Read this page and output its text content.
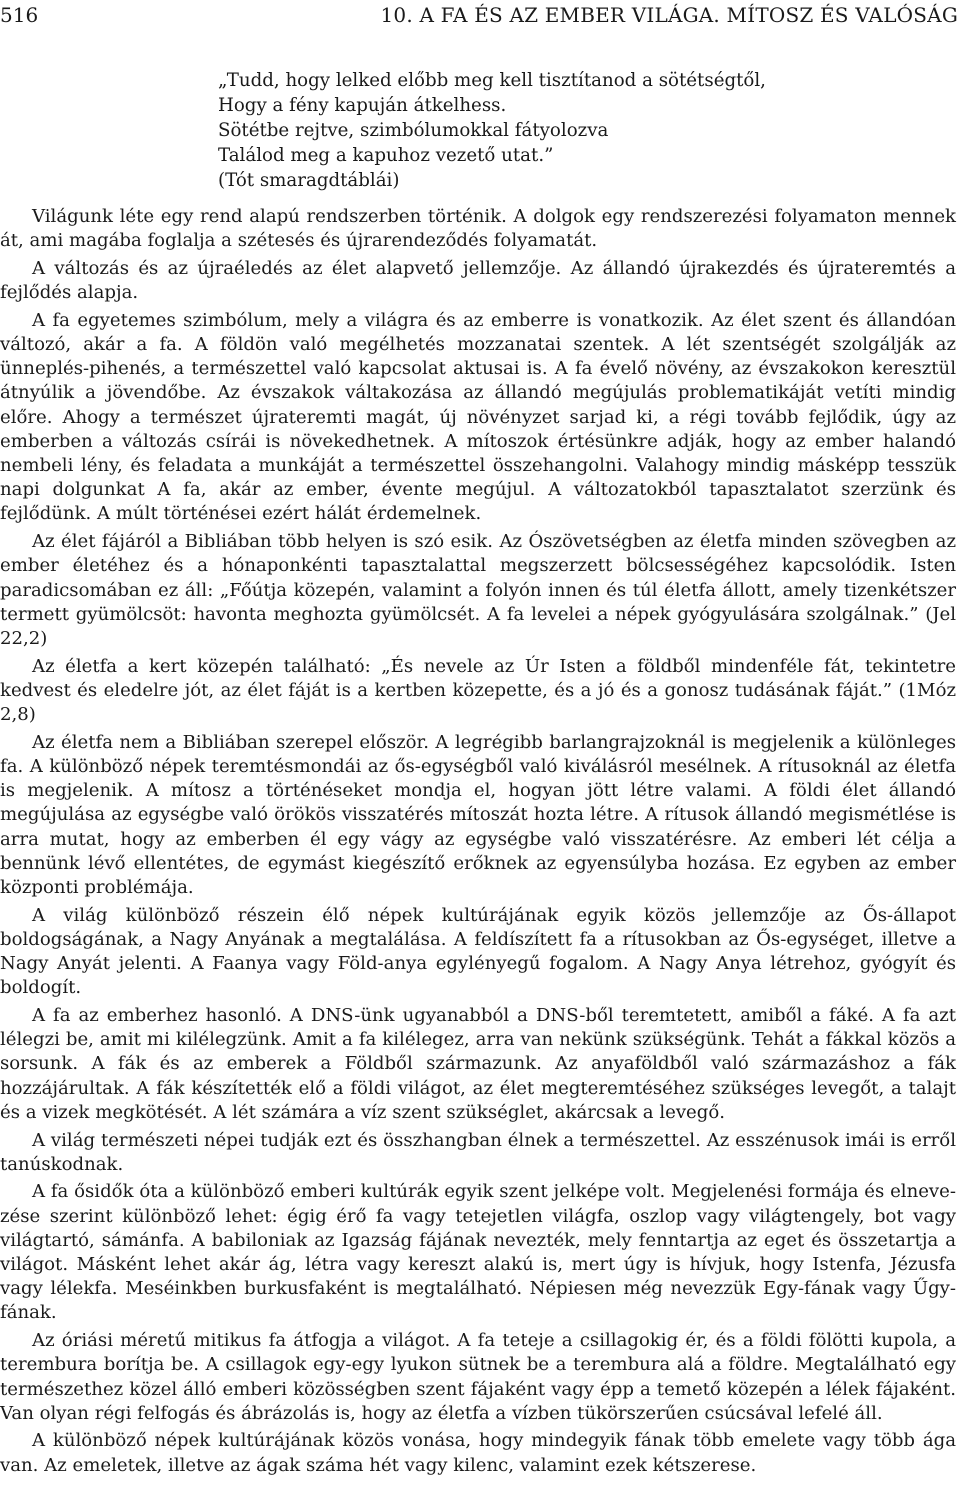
516	10. A FA ÉS AZ EMBER VILÁGA. MÍTOSZ ÉS VALÓSÁG
„Tudd, hogy lelked előbb meg kell tisztítanod a sötétségtől,
Hogy a fény kapuján átkelhess.
Sötétbe rejtve, szimbólumokkal fátyolozva
Találod meg a kapuhoz vezető utat.”
(Tót smaragdtáblái)

Világunk léte egy rend alapú rendszerben történik. A dolgok egy rendszerezési folyamaton mennek át, ami magába foglalja a szétesés és újrarendeződés folyamatát.

A változás és az újraéledés az élet alapvető jellemzője. Az állandó újrakezdés és újrateremtés a fejlődés alapja.

A fa egyetemes szimbólum, mely a világra és az emberre is vonatkozik. Az élet szent és állandóan változó, akár a fa. A földön való megélhetés mozzanatai szentek. A lét szentségét szolgálják az ünneplés-pihenés, a természettel való kapcsolat aktusai is. A fa évelő növény, az évszakokon keresztül átnyúlik a jövendőbe. Az évszakok váltakozása az állandó megújulás problematikáját vetíti mindig előre. Ahogy a természet újrateremti magát, új növényzet sarjad ki, a régi tovább fejlődik, úgy az emberben a változás csírái is növekedhetnek. A mítoszok értésünkre adják, hogy az ember halandó nembeli lény, és feladata a munkáját a természettel összehangolni. Valahogy mindig másképp tesszük napi dolgunkat A fa, akár az ember, évente megújul. A változatokból tapasztalatot szerzünk és fejlődünk. A múlt történései ezért hálát érdemelnek.

Az élet fájáról a Bibliában több helyen is szó esik. Az Ószövetségben az életfa minden szövegben az ember életéhez és a hónaponkénti tapasztalattal megszerzett bölcsességéhez kapcsolódik. Isten paradicsomában ez áll: „Főútja közepén, valamint a folyón innen és túl életfa állott, amely tizenkétszer termett gyümölcsöt: havonta meghozta gyümölcsét. A fa levelei a népek gyógyulására szolgálnak.” (Jel 22,2)

Az életfa a kert közepén található: „És nevele az Úr Isten a földből mindenféle fát, tekintetre kedvest és eledelre jót, az élet fáját is a kertben közepette, és a jó és a gonosz tudásának fáját.” (1Móz 2,8)

Az életfa nem a Bibliában szerepel először. A legrégibb barlangrajzoknál is megjelenik a különleges fa. A különböző népek teremtésmondái az ős-egységből való kiválásról mesélnek. A rítusoknál az életfa is megjelenik. A mítosz a történéseket mondja el, hogyan jött létre valami. A földi élet állandó megújulása az egységbe való örökös visszatérés mítoszát hozta létre. A rítusok állandó megismétlése is arra mutat, hogy az emberben él egy vágy az egységbe való visszatérésre. Az emberi lét célja a bennünk lévő ellentétes, de egymást kiegészítő erőknek az egyensúlyba hozása. Ez egyben az ember központi problémája.

A világ különböző részein élő népek kultúrájának egyik közös jellemzője az Ős-állapot boldogságának, a Nagy Anyának a megtalálása. A feldíszített fa a rítusokban az Ős-egységet, illetve a Nagy Anyát jelenti. A Faanya vagy Föld-anya egylényegű fogalom. A Nagy Anya létrehoz, gyógyít és boldogít.

A fa az emberhez hasonló. A DNS-ünk ugyanabból a DNS-ből teremtetett, amiből a fáké. A fa azt lélegzi be, amit mi kilélegzünk. Amit a fa kilélegez, arra van nekünk szükségünk. Tehát a fákkal közös a sorsunk. A fák és az emberek a Földből származunk. Az anyaföldből való származáshoz a fák hozzájárultak. A fák készítették elő a földi világot, az élet megteremtéséhez szükséges levegőt, a talajt és a vizek megkötését. A lét számára a víz szent szükséglet, akárcsak a levegő.

A világ természeti népei tudják ezt és összhangban élnek a természettel. Az esszénusok imái is erről tanúskodnak.

A fa ősidők óta a különböző emberi kultúrák egyik szent jelképe volt. Megjelenési formája és elnevezése szerint különböző lehet: égig érő fa vagy tetejetlen világfa, oszlop vagy világtengely, bot vagy világtartó, sámánfa. A babiloniak az Igazság fájának nevezték, mely fenntartja az eget és összetartja a világot. Másként lehet akár ág, létra vagy kereszt alakú is, mert úgy is hívjuk, hogy Istenfa, Jézusfa vagy lélekfa. Meséinkben burkusfaként is megtalálható. Népiesen még nevezzük Egy-fának vagy Űgy-fának.

Az óriási méretű mitikus fa átfogja a világot. A fa teteje a csillagokig ér, és a földi fölötti kupola, a terembura borítja be. A csillagok egy-egy lyukon sütnek be a terembura alá a földre. Megtalálható egy természethez közel álló emberi közösségben szent fájaként vagy épp a temető közepén a lélek fájaként. Van olyan régi felfogás és ábrázolás is, hogy az életfa a vízben tükörszerűen csúcsával lefelé áll.

A különböző népek kultúrájának közös vonása, hogy mindegyik fának több emelete vagy több ága van. Az emeletek, illetve az ágak száma hét vagy kilenc, valamint ezek kétszerese.
